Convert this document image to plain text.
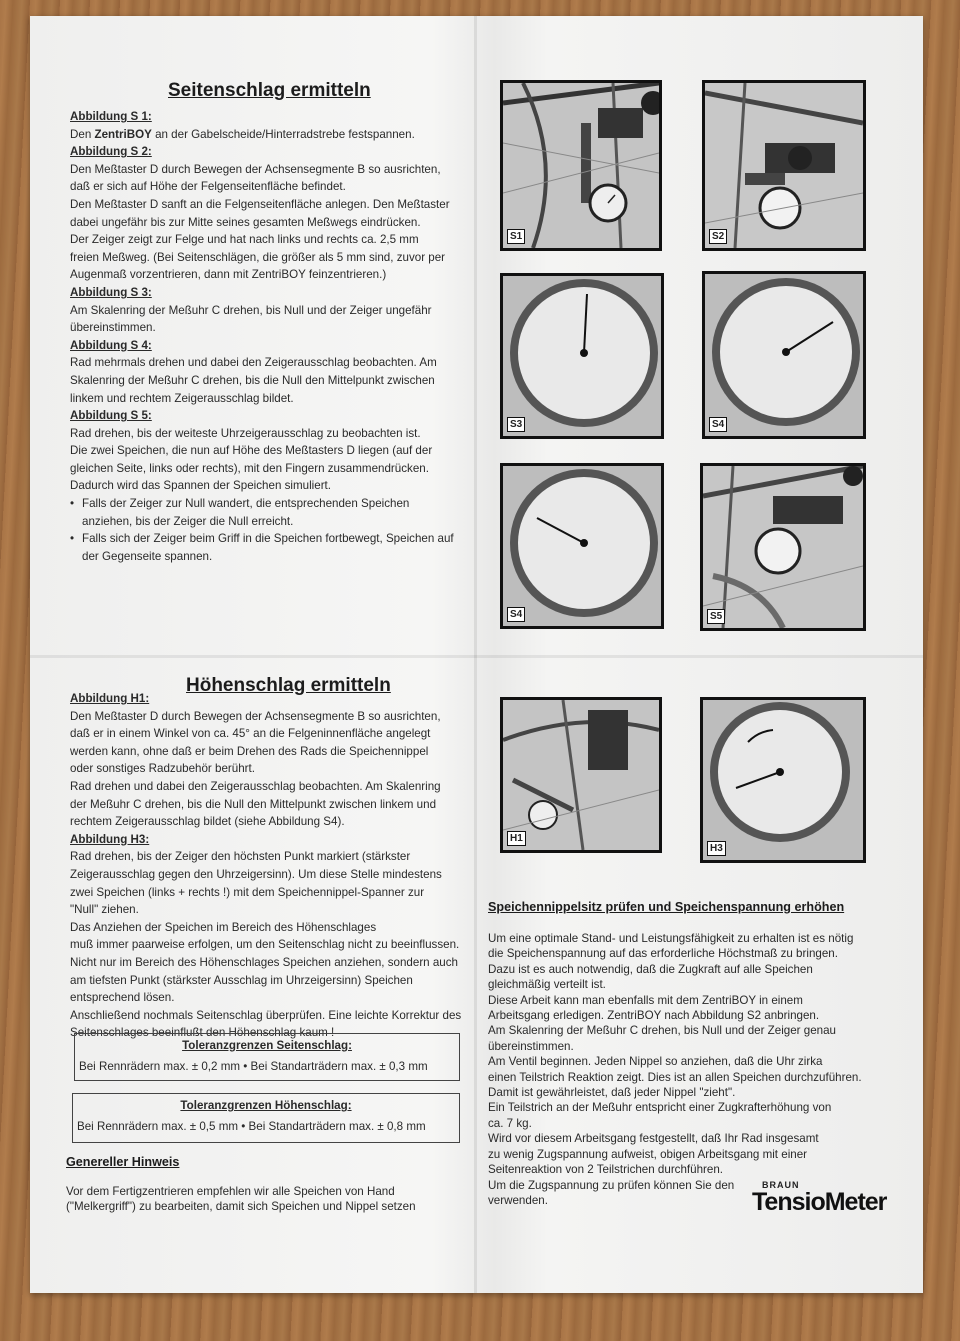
Seitenschlag ermitteln

Abbildung S 1:

Den ZentriBOY an der Gabelscheide/Hinterradstrebe festspannen.

Abbildung S 2:

Den Meßtaster D durch Bewegen der Achsensegmente B so ausrichten,

daß er sich auf Höhe der Felgenseitenfläche befindet.

Den Meßtaster D sanft an die Felgenseitenfläche anlegen. Den Meßtaster

dabei ungefähr bis zur Mitte seines gesamten Meßwegs eindrücken.

Der Zeiger zeigt zur Felge und hat nach links und rechts ca. 2,5 mm

freien Meßweg. (Bei Seitenschlägen, die größer als 5 mm sind, zuvor per

Augenmaß vorzentrieren, dann mit ZentriBOY feinzentrieren.)

Abbildung S 3:

Am Skalenring der Meßuhr C drehen, bis Null und der Zeiger ungefähr

übereinstimmen.

Abbildung S 4:

Rad mehrmals drehen und dabei den Zeigerausschlag beobachten. Am

Skalenring der Meßuhr C drehen, bis die Null den Mittelpunkt zwischen

linkem und rechtem Zeigerausschlag bildet.

Abbildung S 5:

Rad drehen, bis der weiteste Uhrzeigerausschlag zu beobachten ist.

Die zwei Speichen, die nun auf Höhe des Meßtasters D liegen (auf der

gleichen Seite, links oder rechts), mit den Fingern zusammendrücken.

Dadurch wird das Spannen der Speichen simuliert.

• Falls der Zeiger zur Null wandert, die entsprechenden Speichen
anziehen, bis der Zeiger die Null erreicht.

• Falls sich der Zeiger beim Griff in die Speichen fortbewegt, Speichen auf
der Gegenseite spannen.

Höhenschlag ermitteln

Abbildung H1:

Den Meßtaster D durch Bewegen der Achsensegmente B so ausrichten,

daß er in einem Winkel von ca. 45° an die Felgeninnenfläche angelegt

werden kann, ohne daß er beim Drehen des Rads die Speichennippel

oder sonstiges Radzubehör berührt.

Rad drehen und dabei den Zeigerausschlag beobachten. Am Skalenring

der Meßuhr C drehen, bis die Null den Mittelpunkt zwischen linkem und

rechtem Zeigerausschlag bildet (siehe Abbildung S4).

Abbildung H3:

Rad drehen, bis der Zeiger den höchsten Punkt markiert (stärkster

Zeigerausschlag gegen den Uhrzeigersinn). Um diese Stelle mindestens

zwei Speichen (links + rechts !) mit dem Speichennippel-Spanner zur

"Null" ziehen.

Das Anziehen der Speichen im Bereich des Höhenschlages

muß immer paarweise erfolgen, um den Seitenschlag nicht zu beeinflussen.

Nicht nur im Bereich des Höhenschlages Speichen anziehen, sondern auch

am tiefsten Punkt (stärkster Ausschlag im Uhrzeigersinn) Speichen

entsprechend lösen.

Anschließend nochmals Seitenschlag überprüfen. Eine leichte Korrektur des

Seitenschlages beeinflußt den Höhenschlag kaum !

Toleranzgrenzen Seitenschlag:
Bei Rennrädern max. ± 0,2 mm • Bei Standarträdern max. ± 0,3 mm
Toleranzgrenzen Höhenschlag:
Bei Rennrädern max. ± 0,5 mm • Bei Standarträdern max. ± 0,8 mm
Genereller Hinweis

Vor dem Fertigzentrieren empfehlen wir alle Speichen von Hand

("Melkergriff") zu bearbeiten, damit sich Speichen und Nippel setzen

S1	S2
S3	S4
S4	S5
H1
H3
Speichennippelsitz prüfen und Speichenspannung erhöhen

Um eine optimale Stand- und Leistungsfähigkeit zu erhalten ist es nötig

die Speichenspannung auf das erforderliche Höchstmaß zu bringen.

Dazu ist es auch notwendig, daß die Zugkraft auf alle Speichen

gleichmäßig verteilt ist.

Diese Arbeit kann man ebenfalls mit dem ZentriBOY in einem

Arbeitsgang erledigen. ZentriBOY nach Abbildung S2 anbringen.

Am Skalenring der Meßuhr C drehen, bis Null und der Zeiger genau

übereinstimmen.

Am Ventil beginnen. Jeden Nippel so anziehen, daß die Uhr zirka

einen Teilstrich Reaktion zeigt. Dies ist an allen Speichen durchzuführen.

Damit ist gewährleistet, daß jeder Nippel "zieht".

Ein Teilstrich an der Meßuhr entspricht einer Zugkrafterhöhung von

ca. 7 kg.

Wird vor diesem Arbeitsgang festgestellt, daß Ihr Rad insgesamt

zu wenig Zugspannung aufweist, obigen Arbeitsgang mit einer

Seitenreaktion von 2 Teilstrichen durchführen.

Um die Zugspannung zu prüfen können Sie den

verwenden.

BRAUN
TensioMeter
